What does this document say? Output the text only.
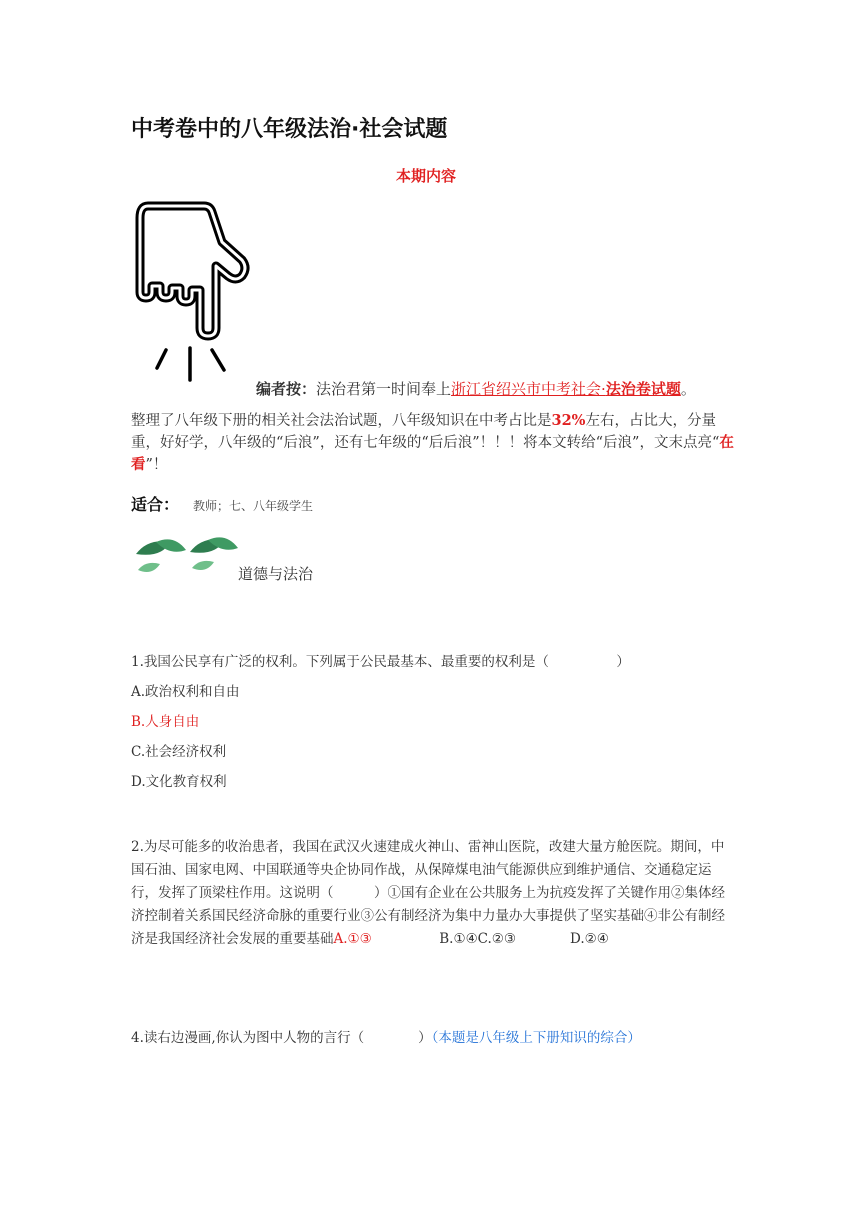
中考卷中的八年级法治·社会试题
本期内容
编者按：法治君第一时间奉上浙江省绍兴市中考社会·法治卷试题。
整理了八年级下册的相关社会法治试题，八年级知识在中考占比是32%左右，占比大，分量重，好好学，八年级的“后浪”，还有七年级的“后后浪”！！！将本文转给“后浪”，文末点亮“在看”！
适合： 教师；七、八年级学生
道德与法治
1.我国公民享有广泛的权利。下列属于公民最基本、最重要的权利是（　　　　　）
A.政治权利和自由
B.人身自由
C.社会经济权利
D.文化教育权利
2.为尽可能多的收治患者，我国在武汉火速建成火神山、雷神山医院，改建大量方舱医院。期间，中国石油、国家电网、中国联通等央企协同作战，从保障煤电油气能源供应到维护通信、交通稳定运行，发挥了顶梁柱作用。这说明（　　　）①国有企业在公共服务上为抗疫发挥了关键作用②集体经济控制着关系国民经济命脉的重要行业③公有制经济为集中力量办大事提供了坚实基础④非公有制经济是我国经济社会发展的重要基础A.①③　　　　　B.①④C.②③　　　　D.②④
4.读右边漫画,你认为图中人物的言行（　　　　）（本题是八年级上下册知识的综合）
